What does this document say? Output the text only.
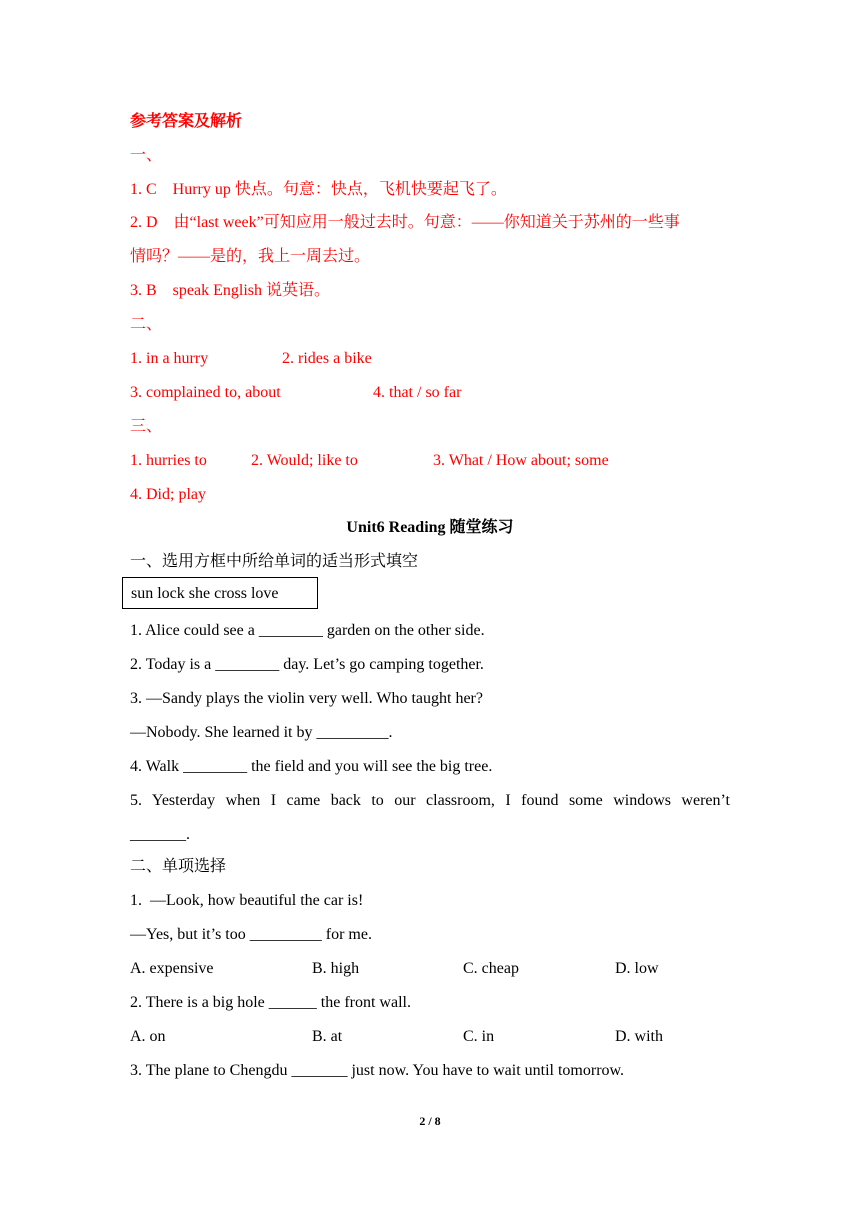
参考答案及解析
一、
1. C    Hurry up 快点。句意：快点，飞机快要起飞了。
2. D    由“last week”可知应用一般过去时。句意：——你知道关于苏州的一些事
情吗？——是的，我上一周去过。
3. B    speak English 说英语。
二、
1. in a hurry	2. rides a bike
3. complained to, about	4. that / so far
三、
1. hurries to	2. Would; like to	3. What / How about; some
4. Did; play
Unit6 Reading 随堂练习
一、选用方框中所给单词的适当形式填空
sun lock she cross love
1. Alice could see a ________ garden on the other side.
2. Today is a ________ day. Let’s go camping together.
3. —Sandy plays the violin very well. Who taught her?
—Nobody. She learned it by _________.
4. Walk ________ the field and you will see the big tree.
5. Yesterday when I came back to our classroom, I found some windows weren’t
_______.
二、单项选择
1.  —Look, how beautiful the car is!
—Yes, but it’s too _________ for me.
A. expensive	B. high	C. cheap	D. low
2. There is a big hole ______ the front wall.
A. on	B. at	C. in	D. with
3. The plane to Chengdu _______ just now. You have to wait until tomorrow.
2 / 8
